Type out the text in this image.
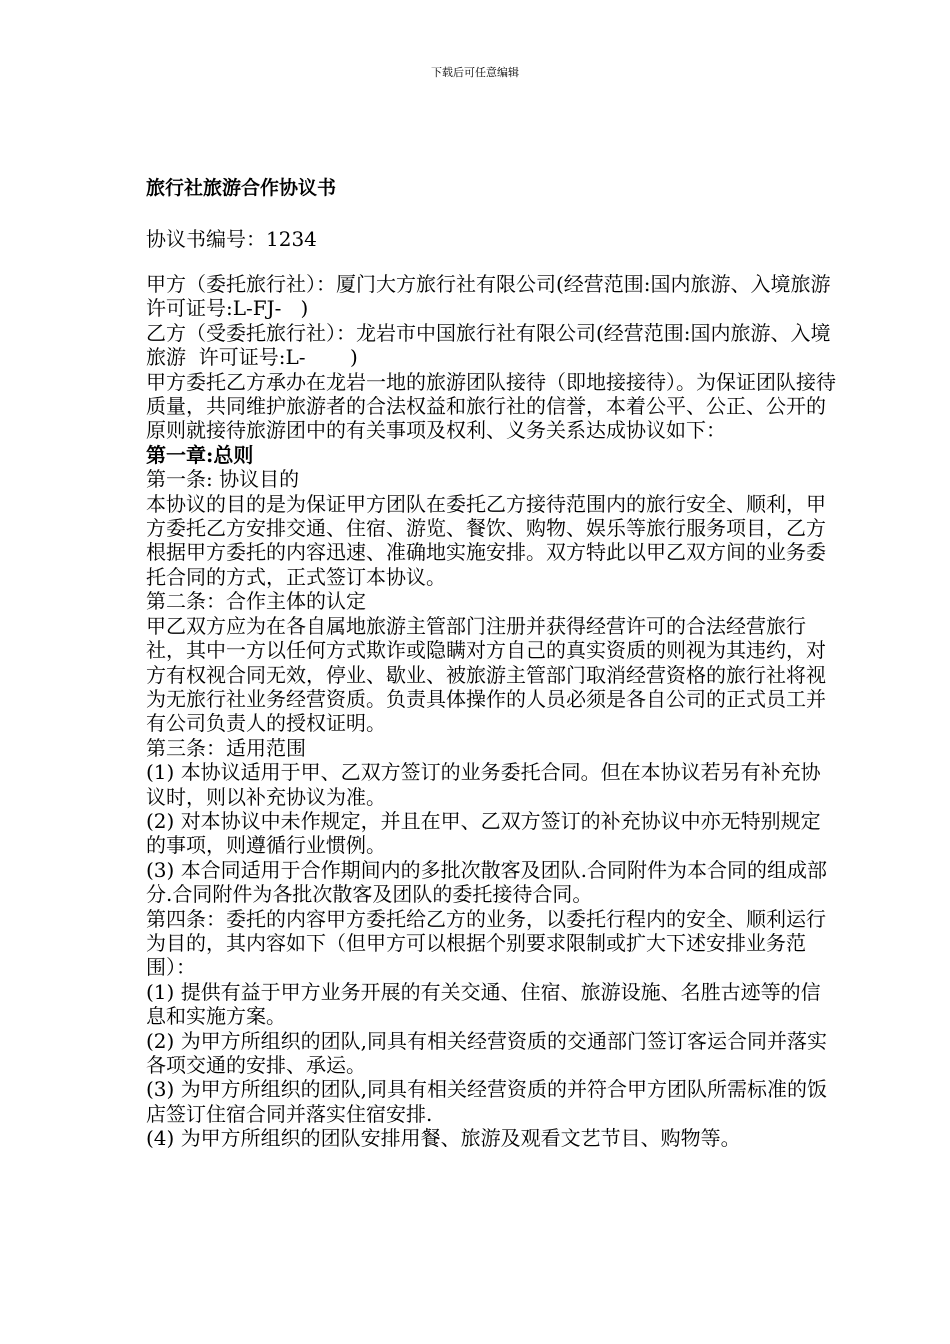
下载后可任意编辑
旅行社旅游合作协议书
协议书编号：1234

甲方（委托旅行社）：厦门大方旅行社有限公司(经营范围:国内旅游、入境旅游  许可证号:L-FJ-   )

乙方（受委托旅行社）：龙岩市中国旅行社有限公司(经营范围:国内旅游、入境旅游  许可证号:L-       )

甲方委托乙方承办在龙岩一地的旅游团队接待（即地接接待）。为保证团队接待质量，共同维护旅游者的合法权益和旅行社的信誉，本着公平、公正、公开的原则就接待旅游团中的有关事项及权利、义务关系达成协议如下：

第一章:总则

第一条: 协议目的

本协议的目的是为保证甲方团队在委托乙方接待范围内的旅行安全、顺利，甲方委托乙方安排交通、住宿、游览、餐饮、购物、娱乐等旅行服务项目，乙方根据甲方委托的内容迅速、准确地实施安排。双方特此以甲乙双方间的业务委托合同的方式，正式签订本协议。

第二条：合作主体的认定

甲乙双方应为在各自属地旅游主管部门注册并获得经营许可的合法经营旅行社，其中一方以任何方式欺诈或隐瞒对方自己的真实资质的则视为其违约，对方有权视合同无效，停业、歇业、被旅游主管部门取消经营资格的旅行社将视为无旅行社业务经营资质。负责具体操作的人员必须是各自公司的正式员工并有公司负责人的授权证明。

第三条：适用范围

(1) 本协议适用于甲、乙双方签订的业务委托合同。但在本协议若另有补充协议时，则以补充协议为准。

(2) 对本协议中未作规定，并且在甲、乙双方签订的补充协议中亦无特别规定的事项，则遵循行业惯例。

(3) 本合同适用于合作期间内的多批次散客及团队.合同附件为本合同的组成部分.合同附件为各批次散客及团队的委托接待合同。

第四条：委托的内容甲方委托给乙方的业务，以委托行程内的安全、顺利运行为目的，其内容如下（但甲方可以根据个别要求限制或扩大下述安排业务范围）：

(1) 提供有益于甲方业务开展的有关交通、住宿、旅游设施、名胜古迹等的信息和实施方案。

(2) 为甲方所组织的团队,同具有相关经营资质的交通部门签订客运合同并落实各项交通的安排、承运。

(3) 为甲方所组织的团队,同具有相关经营资质的并符合甲方团队所需标准的饭店签订住宿合同并落实住宿安排.

(4) 为甲方所组织的团队安排用餐、旅游及观看文艺节目、购物等。
